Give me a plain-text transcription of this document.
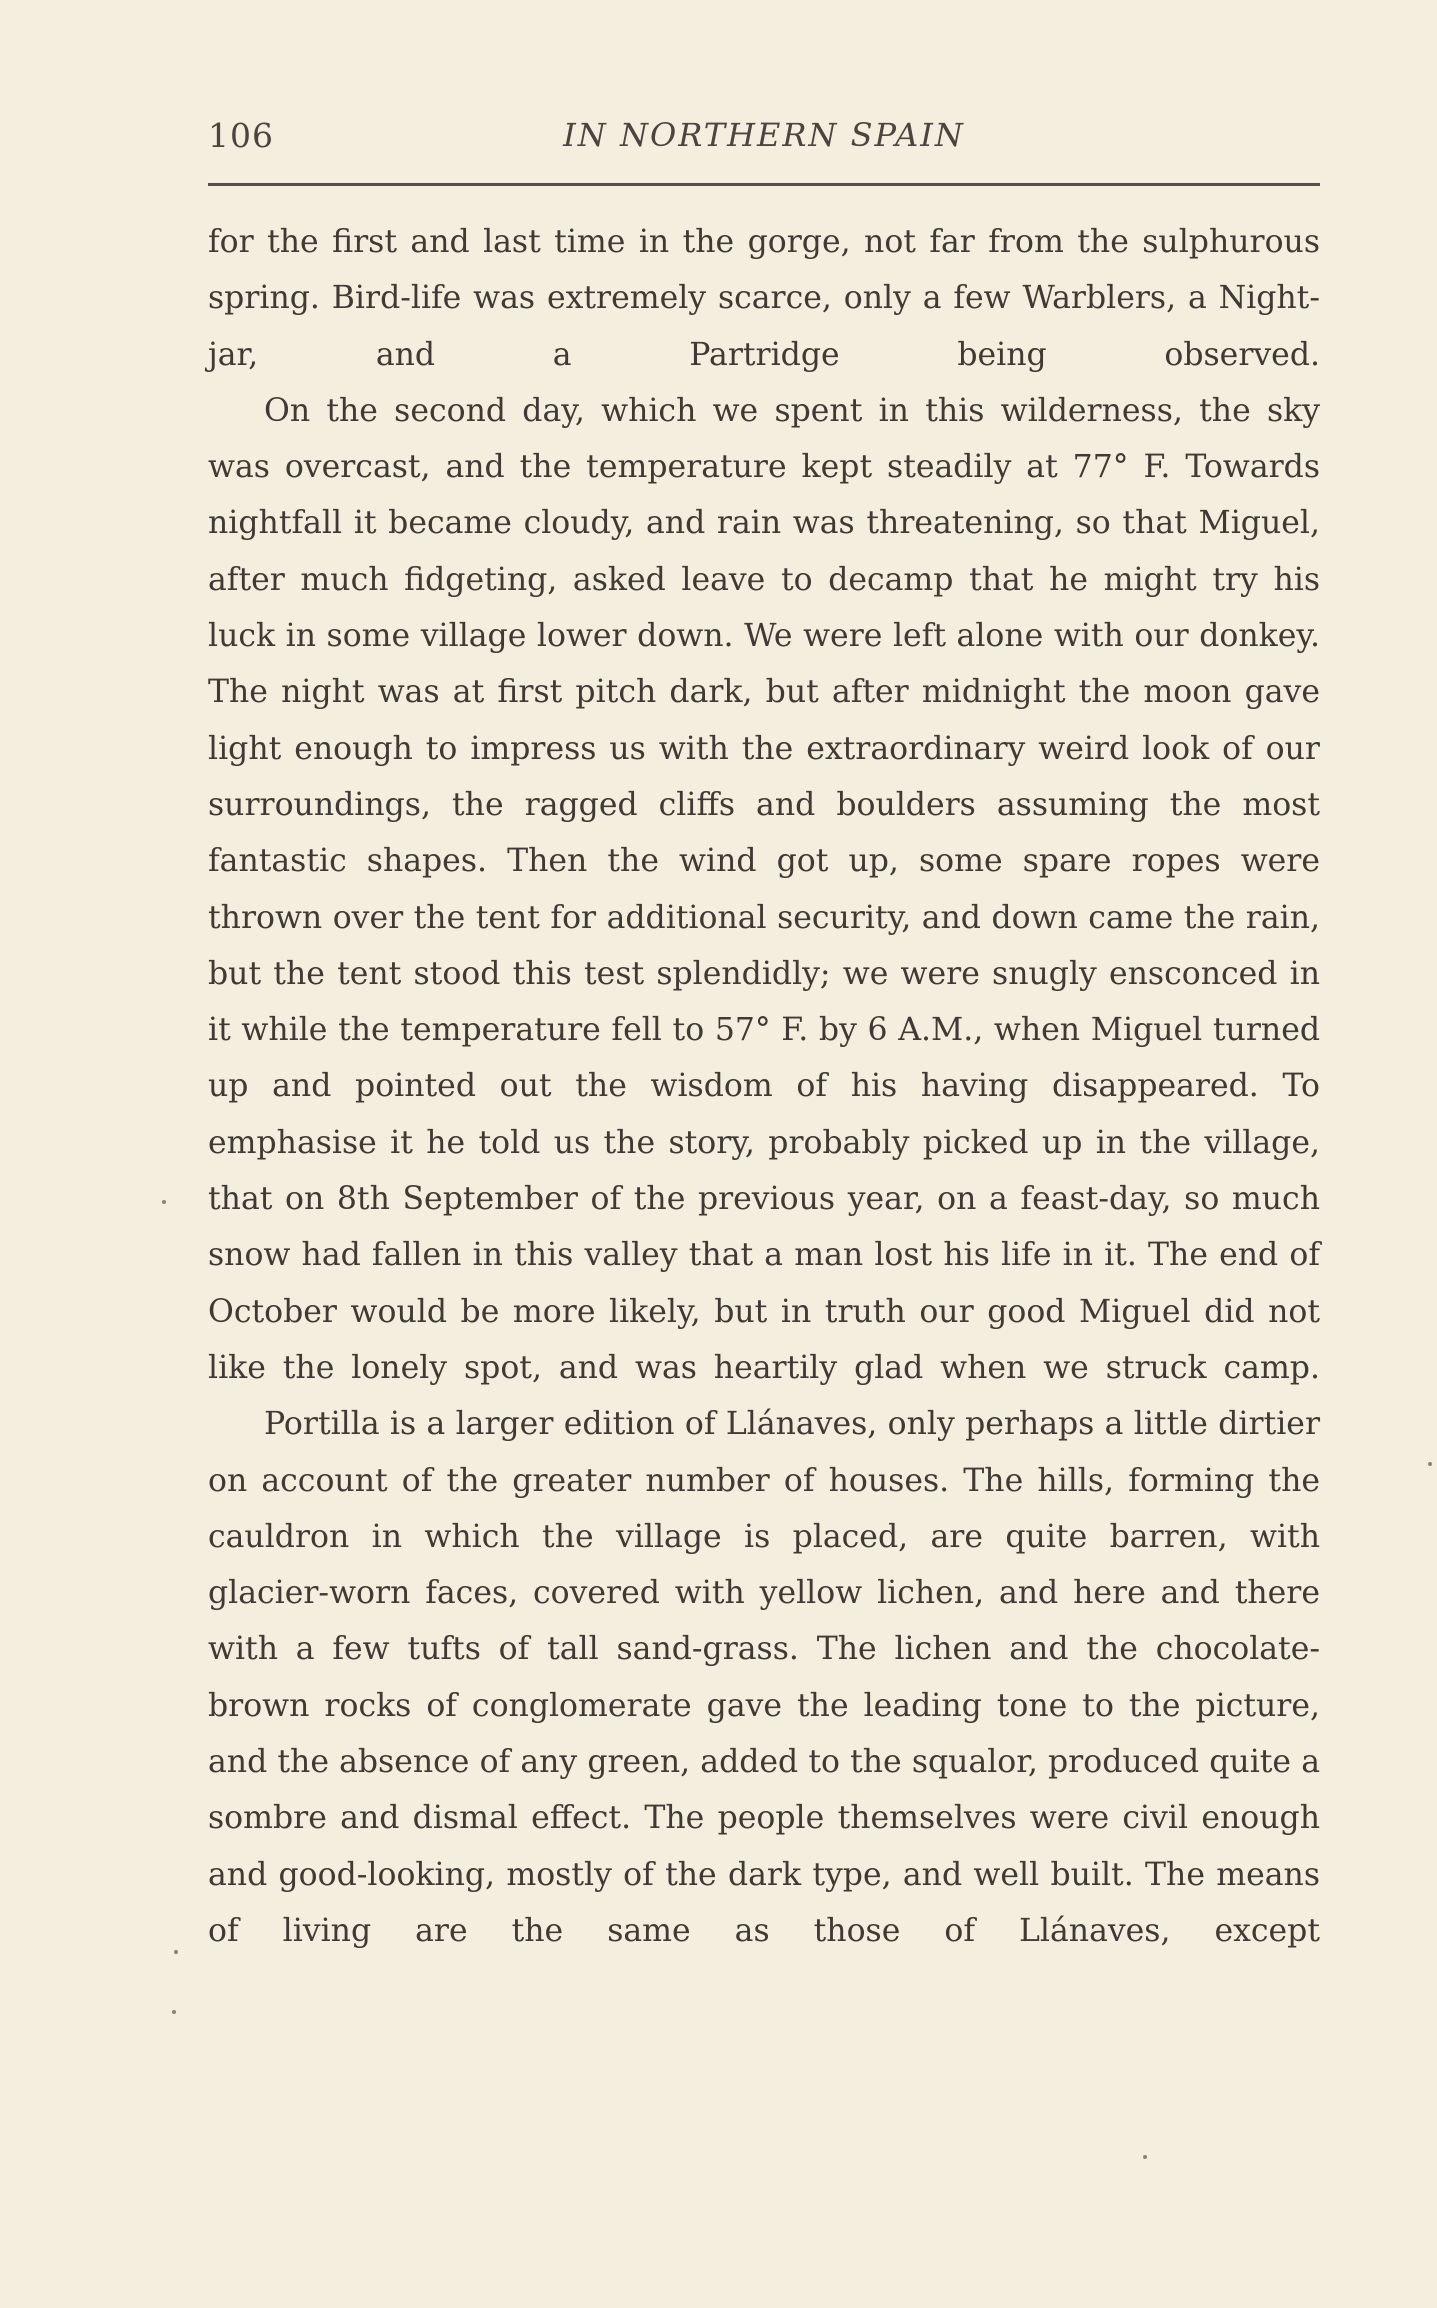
106	IN NORTHERN SPAIN

for the first and last time in the gorge, not far from the sulphurous spring. Bird-life was extremely scarce, only a few Warblers, a Night-jar, and a Partridge being observed.

On the second day, which we spent in this wilderness, the sky was overcast, and the temperature kept steadily at 77° F. Towards nightfall it became cloudy, and rain was threatening, so that Miguel, after much fidgeting, asked leave to decamp that he might try his luck in some village lower down. We were left alone with our donkey. The night was at first pitch dark, but after midnight the moon gave light enough to impress us with the extraordinary weird look of our surroundings, the ragged cliffs and boulders assuming the most fantastic shapes. Then the wind got up, some spare ropes were thrown over the tent for additional security, and down came the rain, but the tent stood this test splendidly; we were snugly ensconced in it while the temperature fell to 57° F. by 6 A.M., when Miguel turned up and pointed out the wisdom of his having disappeared. To emphasise it he told us the story, probably picked up in the village, that on 8th September of the previous year, on a feast-day, so much snow had fallen in this valley that a man lost his life in it. The end of October would be more likely, but in truth our good Miguel did not like the lonely spot, and was heartily glad when we struck camp.

Portilla is a larger edition of Llánaves, only perhaps a little dirtier on account of the greater number of houses. The hills, forming the cauldron in which the village is placed, are quite barren, with glacier-worn faces, covered with yellow lichen, and here and there with a few tufts of tall sand-grass. The lichen and the chocolate-brown rocks of conglomerate gave the leading tone to the picture, and the absence of any green, added to the squalor, produced quite a sombre and dismal effect. The people themselves were civil enough and good-looking, mostly of the dark type, and well built. The means of living are the same as those of Llánaves, except
